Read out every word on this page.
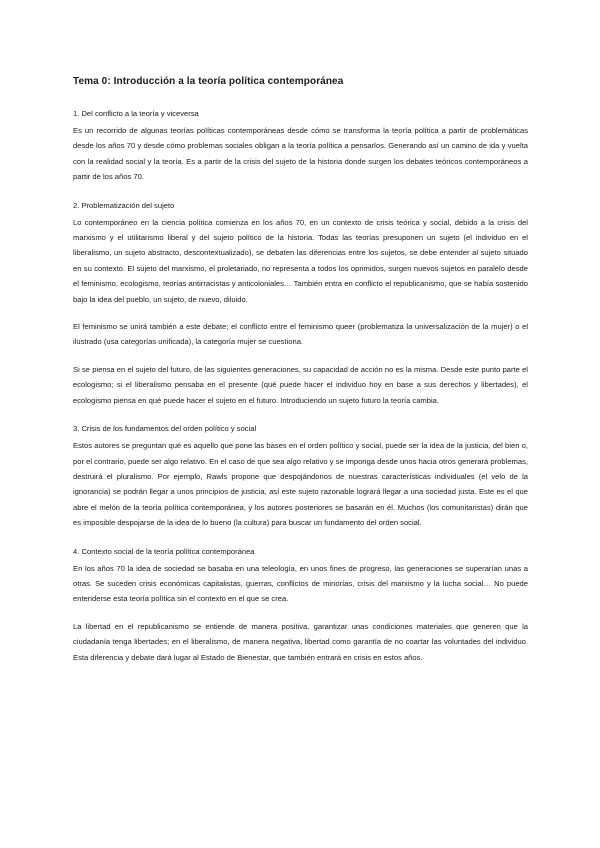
Tema 0: Introducción a la teoría política contemporánea
1. Del conflicto a la teoría y viceversa

Es un recorrido de algunas teorías políticas contemporáneas desde cómo se transforma la teoría política a partir de problemáticas desde los años 70 y desde cómo problemas sociales obligan a la teoría política a pensarlos. Generando así un camino de ida y vuelta con la realidad social y la teoría. Es a partir de la crisis del sujeto de la historia donde surgen los debates teóricos contemporáneos a partir de los años 70.

2. Problematización del sujeto

Lo contemporáneo en la ciencia política comienza en los años 70, en un contexto de crisis teórica y social, debido a la crisis del marxismo y el utilitarismo liberal y del sujeto político de la historia. Todas las teorías presuponen un sujeto (el individuo en el liberalismo, un sujeto abstracto, descontextualizado), se debaten las diferencias entre los sujetos, se debe entender al sujeto situado en su contexto. El sujeto del marxismo, el proletariado, no representa a todos los oprimidos, surgen nuevos sujetos en paralelo desde el feminismo, ecologismo, teorías antirracistas y anticoloniales… También entra en conflicto el republicanismo, que se había sostenido bajo la idea del pueblo, un sujeto, de nuevo, diluido.

El feminismo se unirá también a este debate; el conflicto entre el feminismo queer (problematiza la universalización de la mujer) o el ilustrado (usa categorías unificada), la categoría mujer se cuestiona.

Si se piensa en el sujeto del futuro, de las siguientes generaciones, su capacidad de acción no es la misma. Desde este punto parte el ecologismo; si el liberalismo pensaba en el presente (qué puede hacer el individuo hoy en base a sus derechos y libertades), el ecologismo piensa en qué puede hacer el sujeto en el futuro. Introduciendo un sujeto futuro la teoría cambia.

3. Crisis de los fundamentos del orden político y social

Estos autores se preguntan qué es aquello que pone las bases en el orden político y social, puede ser la idea de la justicia, del bien o, por el contrario, puede ser algo relativo. En el caso de que sea algo relativo y se imponga desde unos hacia otros generará problemas, destruirá el pluralismo. Por ejemplo, Rawls propone que despojándonos de nuestras características individuales (el velo de la ignorancia) se podrán llegar a unos principios de justicia, así este sujeto razonable logrará llegar a una sociedad justa. Este es el que abre el melón de la teoría política contemporánea, y los autores posteriores se basarán en él. Muchos (los comunitaristas) dirán que es imposible despojarse de la idea de lo bueno (la cultura) para buscar un fundamento del orden social.

4. Contexto social de la teoría política contemporánea

En los años 70 la idea de sociedad se basaba en una teleología, en unos fines de progreso, las generaciones se superarían unas a otras. Se suceden crisis económicas capitalistas, guerras, conflictos de minorías, crisis del marxismo y la lucha social… No puede entenderse esta teoría política sin el contexto en el que se crea.

La libertad en el republicanismo se entiende de manera positiva, garantizar unas condiciones materiales que generen que la ciudadanía tenga libertades; en el liberalismo, de manera negativa, libertad como garantía de no coartar las voluntades del individuo. Esta diferencia y debate dará lugar al Estado de Bienestar, que también entrará en crisis en estos años.
